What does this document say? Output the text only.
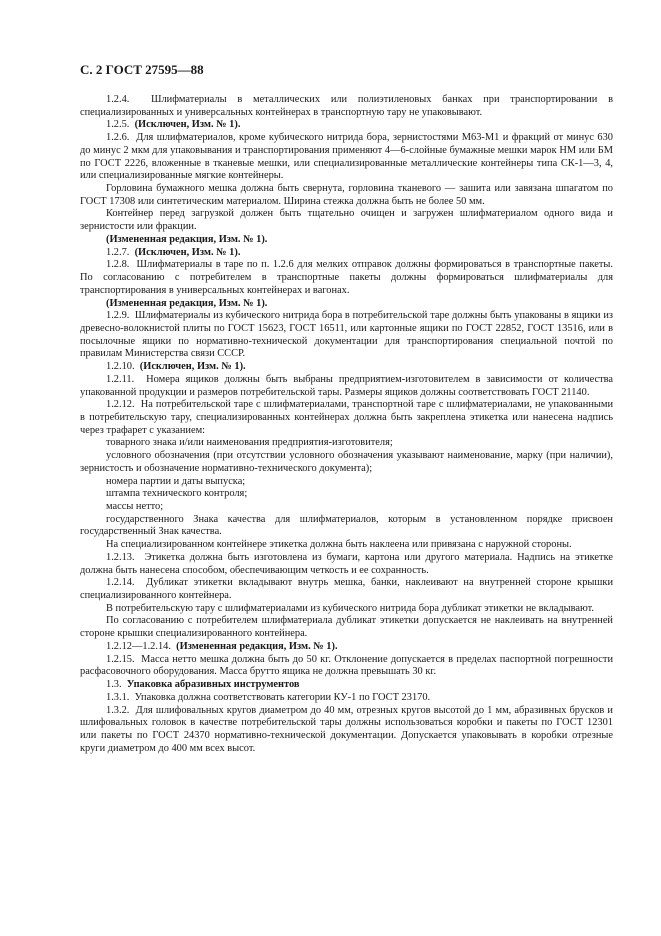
С. 2 ГОСТ 27595—88

1.2.4. Шлифматериалы в металлических или полиэтиленовых банках при транспортировании в специализированных и универсальных контейнерах в транспортную тару не упаковывают.

1.2.5. (Исключен, Изм. № 1).

1.2.6. Для шлифматериалов, кроме кубического нитрида бора, зернистостями М63-М1 и фракций от минус 630 до минус 2 мкм для упаковывания и транспортирования применяют 4—6-слойные бумажные мешки марок НМ или БМ по ГОСТ 2226, вложенные в тканевые мешки, или специализированные металлические контейнеры типа СК-1—3, 4, или специализированные мягкие контейнеры.

Горловина бумажного мешка должна быть свернута, горловина тканевого — зашита или завязана шпагатом по ГОСТ 17308 или синтетическим материалом. Ширина стежка должна быть не более 50 мм.

Контейнер перед загрузкой должен быть тщательно очищен и загружен шлифматериалом одного вида и зернистости или фракции.

(Измененная редакция, Изм. № 1).

1.2.7. (Исключен, Изм. № 1).

1.2.8. Шлифматериалы в таре по п. 1.2.6 для мелких отправок должны формироваться в транспортные пакеты. По согласованию с потребителем в транспортные пакеты должны формироваться шлифматериалы для транспортирования в универсальных контейнерах и вагонах.

(Измененная редакция, Изм. № 1).

1.2.9. Шлифматериалы из кубического нитрида бора в потребительской таре должны быть упакованы в ящики из древесно-волокнистой плиты по ГОСТ 15623, ГОСТ 16511, или картонные ящики по ГОСТ 22852, ГОСТ 13516, или в посылочные ящики по нормативно-технической документации для транспортирования специальной почтой по правилам Министерства связи СССР.

1.2.10. (Исключен, Изм. № 1).

1.2.11. Номера ящиков должны быть выбраны предприятием-изготовителем в зависимости от количества упакованной продукции и размеров потребительской тары. Размеры ящиков должны соответствовать ГОСТ 21140.

1.2.12. На потребительской таре с шлифматериалами, транспортной таре с шлифматериалами, не упакованными в потребительскую тару, специализированных контейнерах должна быть закреплена этикетка или нанесена надпись через трафарет с указанием:

товарного знака и/или наименования предприятия-изготовителя;

условного обозначения (при отсутствии условного обозначения указывают наименование, марку (при наличии), зернистость и обозначение нормативно-технического документа);

номера партии и даты выпуска;

штампа технического контроля;

массы нетто;

государственного Знака качества для шлифматериалов, которым в установленном порядке присвоен государственный Знак качества.

На специализированном контейнере этикетка должна быть наклеена или привязана с наружной стороны.

1.2.13. Этикетка должна быть изготовлена из бумаги, картона или другого материала. Надпись на этикетке должна быть нанесена способом, обеспечивающим четкость и ее сохранность.

1.2.14. Дубликат этикетки вкладывают внутрь мешка, банки, наклеивают на внутренней стороне крышки специализированного контейнера.

В потребительскую тару с шлифматериалами из кубического нитрида бора дубликат этикетки не вкладывают.

По согласованию с потребителем шлифматериала дубликат этикетки допускается не наклеивать на внутренней стороне крышки специализированного контейнера.

1.2.12—1.2.14. (Измененная редакция, Изм. № 1).

1.2.15. Масса нетто мешка должна быть до 50 кг. Отклонение допускается в пределах паспортной погрешности расфасовочного оборудования. Масса брутто ящика не должна превышать 30 кг.

1.3. Упаковка абразивных инструментов

1.3.1. Упаковка должна соответствовать категории КУ-1 по ГОСТ 23170.

1.3.2. Для шлифовальных кругов диаметром до 40 мм, отрезных кругов высотой до 1 мм, абразивных брусков и шлифовальных головок в качестве потребительской тары должны использоваться коробки и пакеты по ГОСТ 12301 или пакеты по ГОСТ 24370 нормативно-технической документации. Допускается упаковывать в коробки отрезные круги диаметром до 400 мм всех высот.
